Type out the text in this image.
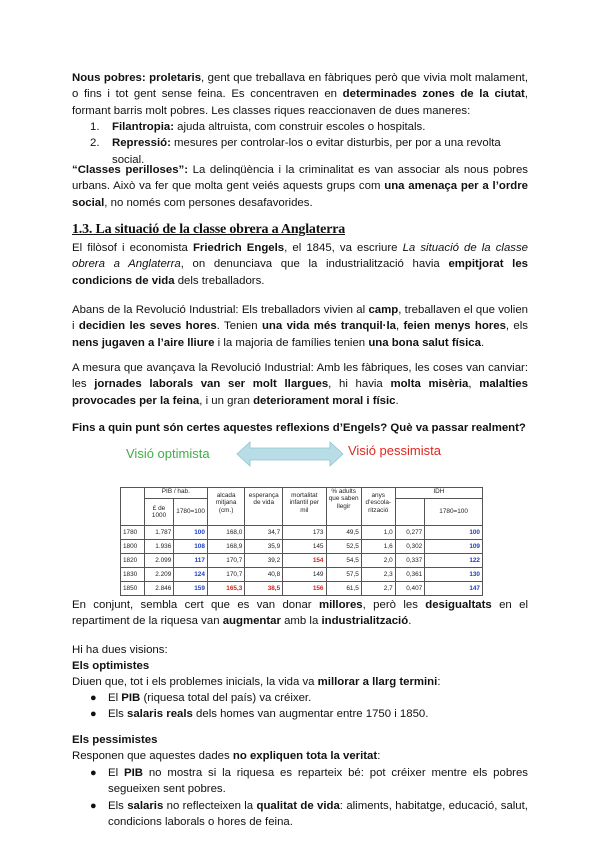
Nous pobres: proletaris, gent que treballava en fàbriques però que vivia molt malament, o fins i tot gent sense feina. Es concentraven en determinades zones de la ciutat, formant barris molt pobres. Les classes riques reaccionaven de dues maneres:

1. Filantropia: ajuda altruista, com construir escoles o hospitals.
2. Repressió: mesures per controlar-los o evitar disturbis, per por a una revolta social.

“Classes perilloses”: La delinqüència i la criminalitat es van associar als nous pobres urbans. Això va fer que molta gent veiés aquests grups com una amenaça per a l’ordre social, no només com persones desafavorides.

1.3. La situació de la classe obrera a Anglaterra

El filòsof i economista Friedrich Engels, el 1845, va escriure La situació de la classe obrera a Anglaterra, on denunciava que la industrialització havia empitjorat les condicions de vida dels treballadors.

Abans de la Revolució Industrial: Els treballadors vivien al camp, treballaven el que volien i decidien les seves hores. Tenien una vida més tranquil·la, feien menys hores, els nens jugaven a l’aire lliure i la majoria de famílies tenien una bona salut física.

A mesura que avançava la Revolució Industrial: Amb les fàbriques, les coses van canviar: les jornades laborals van ser molt llargues, hi havia molta misèria, malalties provocades per la feina, i un gran deteriorament moral i físic.

Fins a quin punt són certes aquestes reflexions d’Engels? Què va passar realment?

Visió optimista	Visió pessimista
	PIB / hab.		alcada mitjana (cm.)	esperança de vida	mortalitat infantil per mil	% adults que saben llegir	anys d’escola-rització	IDH	
	£ de 1000	1780=100							1780=100
1780	1.787	100	168,0	34,7	173	49,5	1,0	0,277	100
1800	1.936	108	168,9	35,9	145	52,5	1,6	0,302	109
1820	2.099	117	170,7	39,2	154	54,5	2,0	0,337	122
1830	2.209	124	170,7	40,8	149	57,5	2,3	0,361	130
1850	2.846	159	165,3	38,5	156	61,5	2,7	0,407	147

En conjunt, sembla cert que es van donar millores, però les desigualtats en el repartiment de la riquesa van augmentar amb la industrialització.

Hi ha dues visions:

Els optimistes

Diuen que, tot i els problemes inicials, la vida va millorar a llarg termini:

● El PIB (riquesa total del país) va créixer.
● Els salaris reals dels homes van augmentar entre 1750 i 1850.

Els pessimistes

Responen que aquestes dades no expliquen tota la veritat:

● El PIB no mostra si la riquesa es reparteix bé: pot créixer mentre els pobres segueixen sent pobres.
● Els salaris no reflecteixen la qualitat de vida: aliments, habitatge, educació, salut, condicions laborals o hores de feina.
